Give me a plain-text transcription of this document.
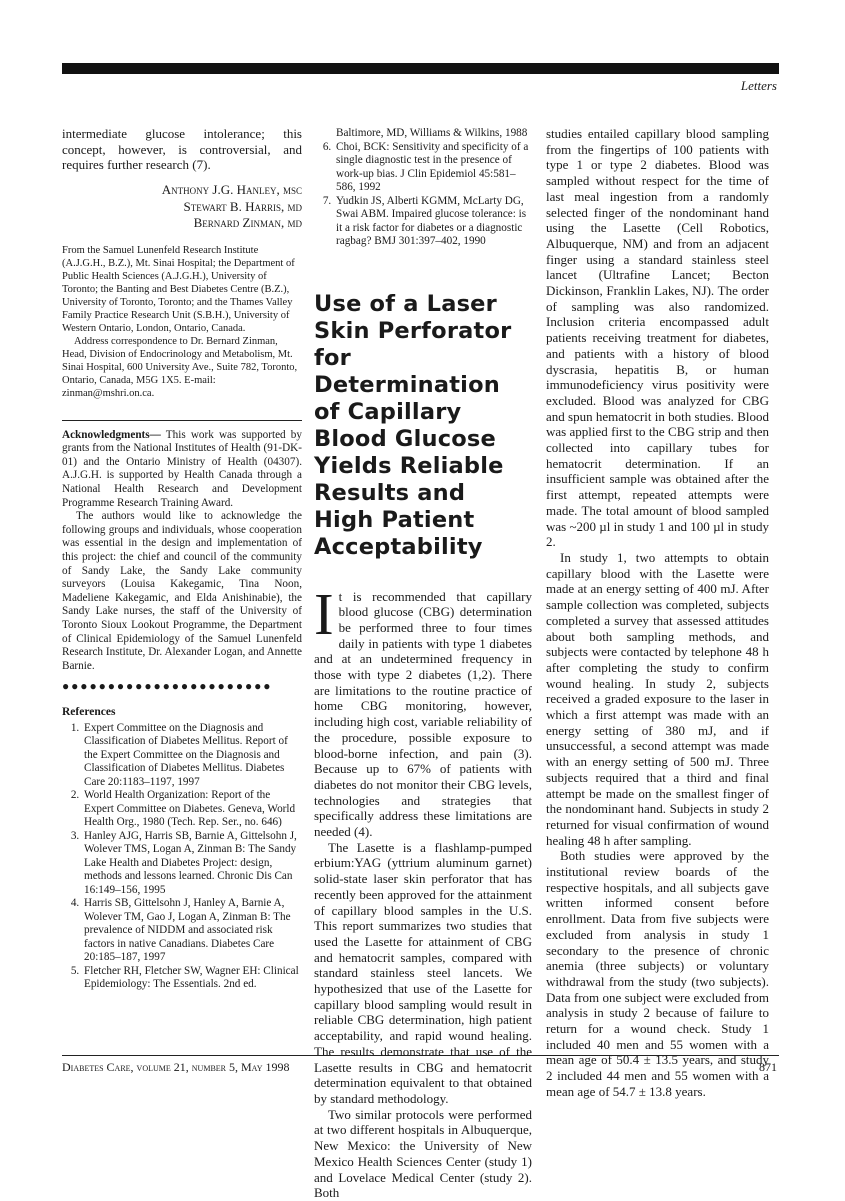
Letters

intermediate glucose intolerance; this concept, however, is controversial, and requires further research (7).

Anthony J.G. Hanley, msc
Stewart B. Harris, md
Bernard Zinman, md

From the Samuel Lunenfeld Research Institute (A.J.G.H., B.Z.), Mt. Sinai Hospital; the Department of Public Health Sciences (A.J.G.H.), University of Toronto; the Banting and Best Diabetes Centre (B.Z.), University of Toronto, Toronto; and the Thames Valley Family Practice Research Unit (S.B.H.), University of Western Ontario, London, Ontario, Canada.

Address correspondence to Dr. Bernard Zinman, Head, Division of Endocrinology and Metabolism, Mt. Sinai Hospital, 600 University Ave., Suite 782, Toronto, Ontario, Canada, M5G 1X5. E-mail: zinman@mshri.on.ca.

Acknowledgments— This work was supported by grants from the National Institutes of Health (91-DK-01) and the Ontario Ministry of Health (04307). A.J.G.H. is supported by Health Canada through a National Health Research and Development Programme Research Training Award.

The authors would like to acknowledge the following groups and individuals, whose cooperation was essential in the design and implementation of this project: the chief and council of the community of Sandy Lake, the Sandy Lake community surveyors (Louisa Kakegamic, Tina Noon, Madeliene Kakegamic, and Elda Anishinabie), the Sandy Lake nurses, the staff of the University of Toronto Sioux Lookout Programme, the Department of Clinical Epidemiology of the Samuel Lunenfeld Research Institute, Dr. Alexander Logan, and Annette Barnie.

●●●●●●●●●●●●●●●●●●●●●●●
References
1. Expert Committee on the Diagnosis and Classification of Diabetes Mellitus. Report of the Expert Committee on the Diagnosis and Classification of Diabetes Mellitus. Diabetes Care 20:1183–1197, 1997
2. World Health Organization: Report of the Expert Committee on Diabetes. Geneva, World Health Org., 1980 (Tech. Rep. Ser., no. 646)
3. Hanley AJG, Harris SB, Barnie A, Gittelsohn J, Wolever TMS, Logan A, Zinman B: The Sandy Lake Health and Diabetes Project: design, methods and lessons learned. Chronic Dis Can 16:149–156, 1995
4. Harris SB, Gittelsohn J, Hanley A, Barnie A, Wolever TM, Gao J, Logan A, Zinman B: The prevalence of NIDDM and associated risk factors in native Canadians. Diabetes Care 20:185–187, 1997
5. Fletcher RH, Fletcher SW, Wagner EH: Clinical Epidemiology: The Essentials. 2nd ed.
Baltimore, MD, Williams & Wilkins, 1988
6. Choi, BCK: Sensitivity and specificity of a single diagnostic test in the presence of work-up bias. J Clin Epidemiol 45:581–586, 1992
7. Yudkin JS, Alberti KGMM, McLarty DG, Swai ABM. Impaired glucose tolerance: is it a risk factor for diabetes or a diagnostic ragbag? BMJ 301:397–402, 1990
Use of a Laser Skin Perforator for Determination of Capillary Blood Glucose Yields Reliable Results and High Patient Acceptability

It is recommended that capillary blood glucose (CBG) determination be performed three to four times daily in patients with type 1 diabetes and at an undetermined frequency in those with type 2 diabetes (1,2). There are limitations to the routine practice of home CBG monitoring, however, including high cost, variable reliability of the procedure, possible exposure to blood-borne infection, and pain (3). Because up to 67% of patients with diabetes do not monitor their CBG levels, technologies and strategies that specifically address these limitations are needed (4).

The Lasette is a flashlamp-pumped erbium:YAG (yttrium aluminum garnet) solid-state laser skin perforator that has recently been approved for the attainment of capillary blood samples in the U.S. This report summarizes two studies that used the Lasette for attainment of CBG and hematocrit samples, compared with standard stainless steel lancets. We hypothesized that use of the Lasette for capillary blood sampling would result in reliable CBG determination, high patient acceptability, and rapid wound healing. The results demonstrate that use of the Lasette results in CBG and hematocrit determination equivalent to that obtained by standard methodology.

Two similar protocols were performed at two different hospitals in Albuquerque, New Mexico: the University of New Mexico Health Sciences Center (study 1) and Lovelace Medical Center (study 2). Both

studies entailed capillary blood sampling from the fingertips of 100 patients with type 1 or type 2 diabetes. Blood was sampled without respect for the time of last meal ingestion from a randomly selected finger of the nondominant hand using the Lasette (Cell Robotics, Albuquerque, NM) and from an adjacent finger using a standard stainless steel lancet (Ultrafine Lancet; Becton Dickinson, Franklin Lakes, NJ). The order of sampling was also randomized. Inclusion criteria encompassed adult patients receiving treatment for diabetes, and patients with a history of blood dyscrasia, hepatitis B, or human immunodeficiency virus positivity were excluded. Blood was analyzed for CBG and spun hematocrit in both studies. Blood was applied first to the CBG strip and then collected into capillary tubes for hematocrit determination. If an insufficient sample was obtained after the first attempt, repeated attempts were made. The total amount of blood sampled was ~200 µl in study 1 and 100 µl in study 2.

In study 1, two attempts to obtain capillary blood with the Lasette were made at an energy setting of 400 mJ. After sample collection was completed, subjects completed a survey that assessed attitudes about both sampling methods, and subjects were contacted by telephone 48 h after completing the study to confirm wound healing. In study 2, subjects received a graded exposure to the laser in which a first attempt was made with an energy setting of 380 mJ, and if unsuccessful, a second attempt was made with an energy setting of 500 mJ. Three subjects required that a third and final attempt be made on the smallest finger of the nondominant hand. Subjects in study 2 returned for visual confirmation of wound healing 48 h after sampling.

Both studies were approved by the institutional review boards of the respective hospitals, and all subjects gave written informed consent before enrollment. Data from five subjects were excluded from analysis in study 1 secondary to the presence of chronic anemia (three subjects) or voluntary withdrawal from the study (two subjects). Data from one subject were excluded from analysis in study 2 because of failure to return for a wound check. Study 1 included 40 men and 55 women with a mean age of 50.4 ± 13.5 years, and study 2 included 44 men and 55 women with a mean age of 54.7 ± 13.8 years.

Diabetes Care, volume 21, number 5, May 1998	871
